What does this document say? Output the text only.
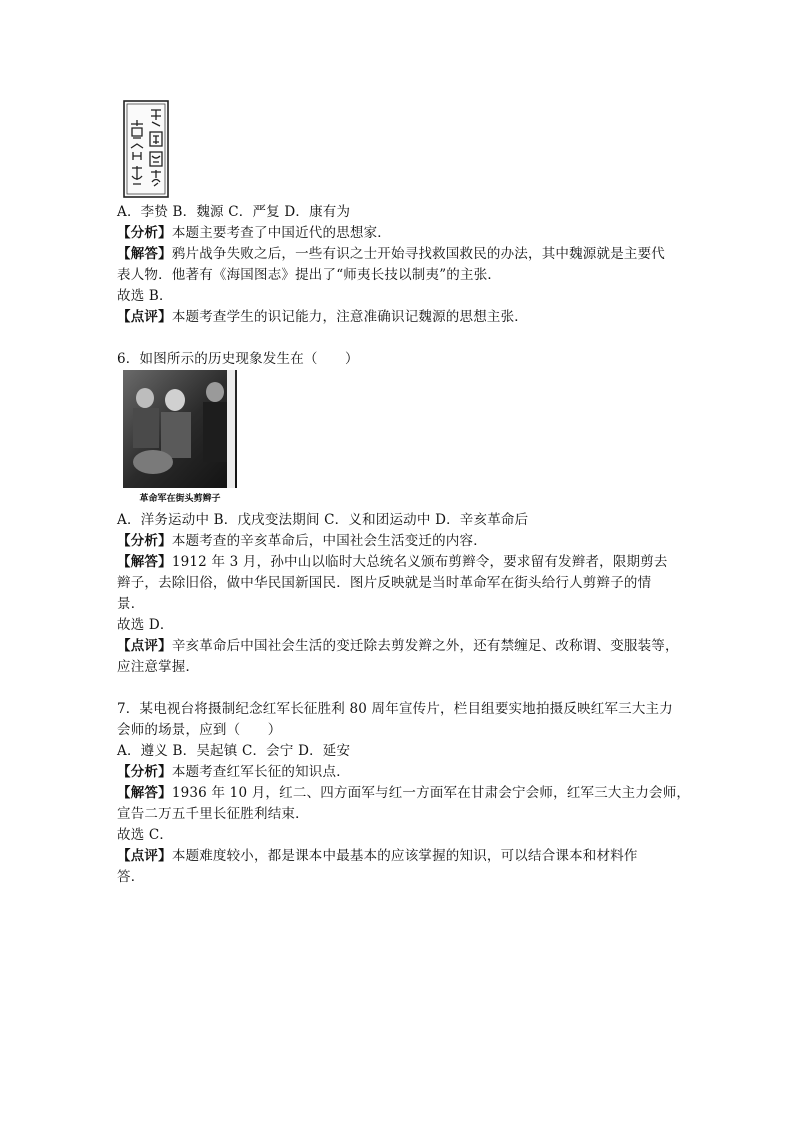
A．李贽 B．魏源 C．严复 D．康有为
【分析】本题主要考查了中国近代的思想家．
【解答】鸦片战争失败之后，一些有识之士开始寻找救国救民的办法，其中魏源就是主要代
表人物．他著有《海国图志》提出了“师夷长技以制夷”的主张．
故选 B．
【点评】本题考查学生的识记能力，注意准确识记魏源的思想主张．
6．如图所示的历史现象发生在（　　）
革命军在街头剪辫子
A．洋务运动中 B．戊戌变法期间 C．义和团运动中 D．辛亥革命后
【分析】本题考查的辛亥革命后，中国社会生活变迁的内容．
【解答】1912 年 3 月，孙中山以临时大总统名义颁布剪辫令，要求留有发辫者，限期剪去
辫子，去除旧俗，做中华民国新国民．图片反映就是当时革命军在街头给行人剪辫子的情
景．
故选 D．
【点评】辛亥革命后中国社会生活的变迁除去剪发辫之外，还有禁缠足、改称谓、变服装等，
应注意掌握．
7．某电视台将摄制纪念红军长征胜利 80 周年宣传片，栏目组要实地拍摄反映红军三大主力
会师的场景，应到（　　）
A．遵义 B．吴起镇 C．会宁 D．延安
【分析】本题考查红军长征的知识点．
【解答】1936 年 10 月，红二、四方面军与红一方面军在甘肃会宁会师，红军三大主力会师，
宣告二万五千里长征胜利结束．
故选 C．
【点评】本题难度较小，都是课本中最基本的应该掌握的知识，可以结合课本和材料作
答．
